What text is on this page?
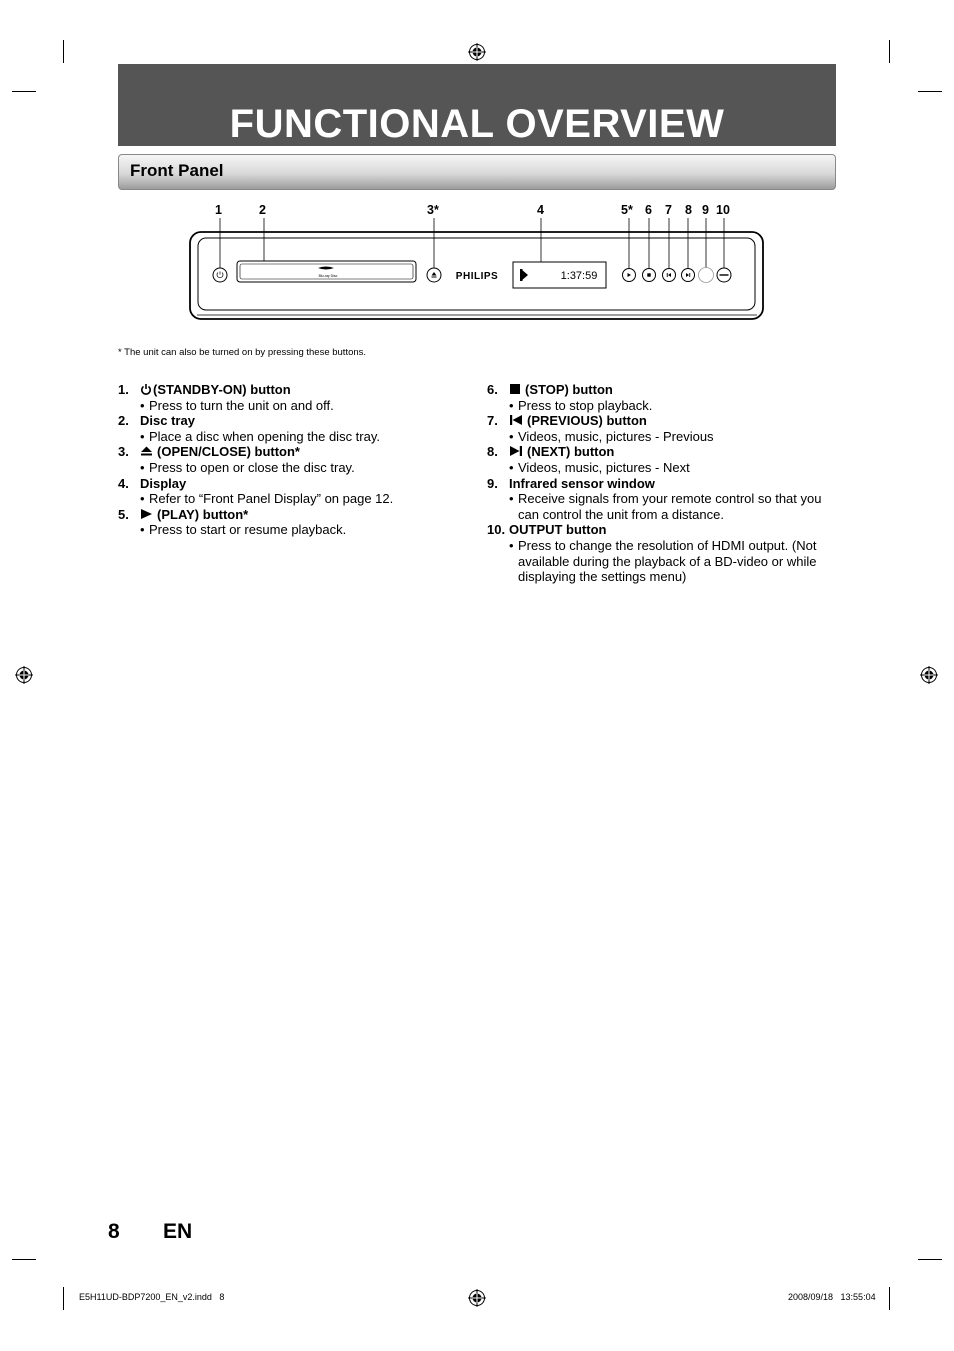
FUNCTIONAL OVERVIEW
Front Panel
1	2	3*	4	5* 6 7 8 9 10
Blu-ray Disc	PHILIPS	1:37:59
* The unit can also be turned on by pressing these buttons.
1.	(STANDBY-ON) button
• Press to turn the unit on and off.
2. Disc tray
• Place a disc when opening the disc tray.
3.	(OPEN/CLOSE) button*
• Press to open or close the disc tray.
4. Display
• Refer to “Front Panel Display” on page 12.
5.	(PLAY) button*
• Press to start or resume playback.
6.	(STOP) button
• Press to stop playback.
7.	(PREVIOUS) button
• Videos, music, pictures - Previous
8.	(NEXT) button
• Videos, music, pictures - Next
9. Infrared sensor window
• Receive signals from your remote control so that you can control the unit from a distance.
10. OUTPUT button
• Press to change the resolution of HDMI output. (Not available during the playback of a BD-video or while displaying the settings menu)
8 EN
E5H11UD-BDP7200_EN_v2.indd   8	2008/09/18   13:55:04
